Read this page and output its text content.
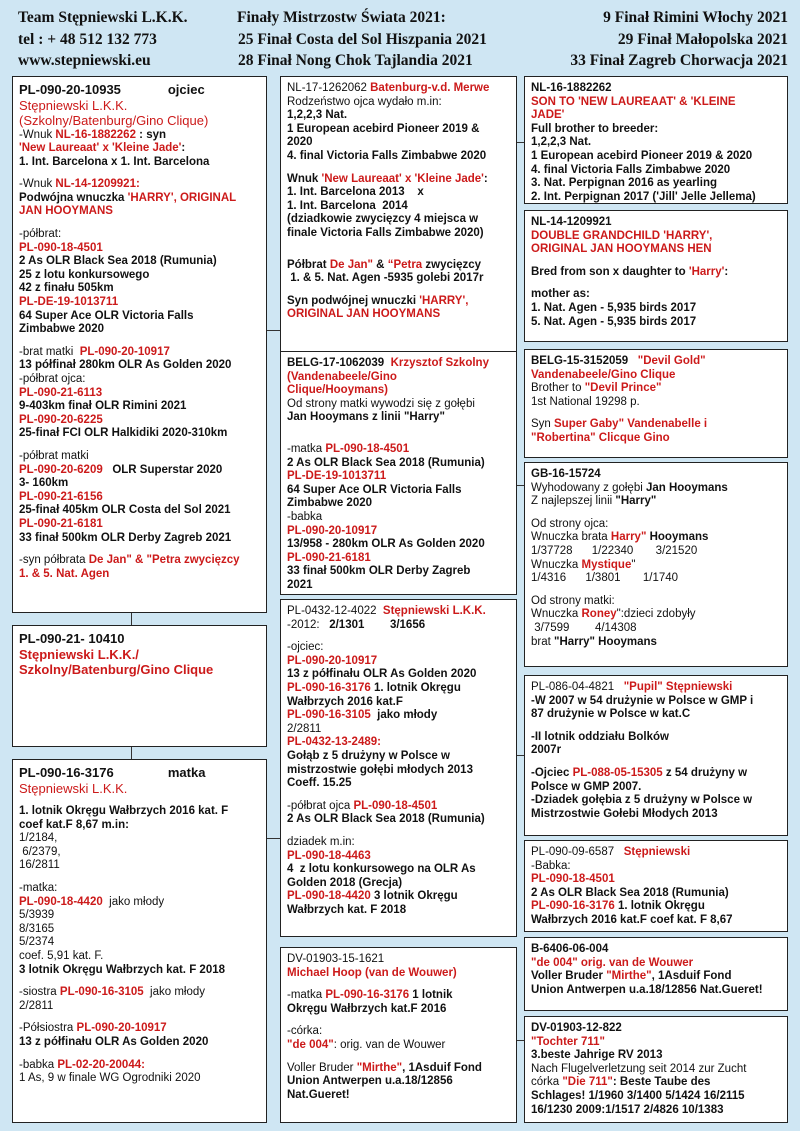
Team Stępniewski L.K.K.
tel : + 48 512 132 773
www.stepniewski.eu
Finały Mistrzostw Świata 2021:
25 Finał Costa del Sol Hiszpania 2021
28 Finał Nong Chok Tajlandia 2021
9 Finał Rimini Włochy 2021
29 Finał Małopolska 2021
33 Finał Zagreb Chorwacja 2021
PL-090-20-10935             ojciec
Stępniewski L.K.K.
(Szkolny/Batenburg/Gino Clique)
-Wnuk NL-16-1882262 : syn
'New Laureaat' x 'Kleine Jade':
1. Int. Barcelona x 1. Int. Barcelona
-Wnuk NL-14-1209921:
Podwójna wnuczka 'HARRY', ORIGINAL
JAN HOOYMANS
-półbrat:
PL-090-18-4501
2 As OLR Black Sea 2018 (Rumunia)
25 z lotu konkursowego
42 z finału 505km
PL-DE-19-1013711
64 Super Ace OLR Victoria Falls
Zimbabwe 2020
-brat matki  PL-090-20-10917
13 półfinał 280km OLR As Golden 2020
-półbrat ojca:
PL-090-21-6113
9-403km finał OLR Rimini 2021
PL-090-20-6225
25-finał FCI OLR Halkidiki 2020-310km
-półbrat matki
PL-090-20-6209   OLR Superstar 2020
3- 160km
PL-090-21-6156
25-finał 405km OLR Costa del Sol 2021
PL-090-21-6181
33 finał 500km OLR Derby Zagreb 2021
-syn półbrata De Jan" & "Petra zwycięzcy
1. & 5. Nat. Agen
PL-090-21- 10410
Stępniewski L.K.K./
Szkolny/Batenburg/Gino Clique
PL-090-16-3176               matka
Stępniewski L.K.K.
1. lotnik Okręgu Wałbrzych 2016 kat. F
coef kat.F 8,67 m.in:
1/2184,
6/2379,
16/2811
-matka:
PL-090-18-4420  jako młody
5/3939
8/3165
5/2374
coef. 5,91 kat. F.
3 lotnik Okręgu Wałbrzych kat. F 2018
-siostra PL-090-16-3105  jako młody
2/2811
-Półsiostra PL-090-20-10917
13 z półfinału OLR As Golden 2020
-babka PL-02-20-20044:
1 As, 9 w finale WG Ogrodniki 2020
NL-17-1262062 Batenburg-v.d. Merwe
Rodzeństwo ojca wydało m.in:
1,2,2,3 Nat.
1 European acebird Pioneer 2019 &
2020
4. final Victoria Falls Zimbabwe 2020
Wnuk 'New Laureaat' x 'Kleine Jade':
1. Int. Barcelona 2013    x
1. Int. Barcelona  2014
(dziadkowie zwycięzcy 4 miejsca w
finale Victoria Falls Zimbabwe 2020)
Półbrat De Jan" & “Petra zwycięzcy
1. & 5. Nat. Agen -5935 golebi 2017r
Syn podwójnej wnuczki 'HARRY',
ORIGINAL JAN HOOYMANS
BELG-17-1062039  Krzysztof Szkolny
(Vandenabeele/Gino
Clique/Hooymans)
Od strony matki wywodzi się z gołębi
Jan Hooymans z linii "Harry"
-matka PL-090-18-4501
2 As OLR Black Sea 2018 (Rumunia)
PL-DE-19-1013711
64 Super Ace OLR Victoria Falls
Zimbabwe 2020
-babka
PL-090-20-10917
13/958 - 280km OLR As Golden 2020
PL-090-21-6181
33 finał 500km OLR Derby Zagreb
2021
PL-0432-12-4022  Stępniewski L.K.K.
-2012:   2/1301        3/1656
-ojciec:
PL-090-20-10917
13 z półfinału OLR As Golden 2020
PL-090-16-3176 1. lotnik Okręgu
Wałbrzych 2016 kat.F
PL-090-16-3105  jako młody
2/2811
PL-0432-13-2489:
Gołąb z 5 drużyny w Polsce w
mistrzostwie gołębi młodych 2013
Coeff. 15.25
-półbrat ojca PL-090-18-4501
2 As OLR Black Sea 2018 (Rumunia)
dziadek m.in:
PL-090-18-4463
4  z lotu konkursowego na OLR As
Golden 2018 (Grecja)
PL-090-18-4420 3 lotnik Okręgu
Wałbrzych kat. F 2018
DV-01903-15-1621
Michael Hoop (van de Wouwer)
-matka PL-090-16-3176 1 lotnik
Okręgu Wałbrzych kat.F 2016
-córka:
"de 004": orig. van de Wouwer
Voller Bruder "Mirthe", 1Asduif Fond
Union Antwerpen u.a.18/12856
Nat.Gueret!
NL-16-1882262
SON TO 'NEW LAUREAAT' & 'KLEINE
JADE'
Full brother to breeder:
1,2,2,3 Nat.
1 European acebird Pioneer 2019 & 2020
4. final Victoria Falls Zimbabwe 2020
3. Nat. Perpignan 2016 as yearling
2. Int. Perpignan 2017 ('Jill' Jelle Jellema)
NL-14-1209921
DOUBLE GRANDCHILD 'HARRY',
ORIGINAL JAN HOOYMANS HEN
Bred from son x daughter to 'Harry':
mother as:
1. Nat. Agen - 5,935 birds 2017
5. Nat. Agen - 5,935 birds 2017
BELG-15-3152059   "Devil Gold"
Vandenabeele/Gino Clique
Brother to "Devil Prince"
1st National 19298 p.
Syn Super Gaby" Vandenabelle i
"Robertina" Clicque Gino
GB-16-15724
Wyhodowany z gołębi Jan Hooymans
Z najlepszej linii "Harry"
Od strony ojca:
Wnuczka brata Harry" Hooymans
1/37728      1/22340       3/21520
Wnuczka Mystique"
1/4316      1/3801       1/1740
Od strony matki:
Wnuczka Roney":dzieci zdobyły
3/7599        4/14308
brat "Harry" Hooymans
PL-086-04-4821   "Pupil" Stępniewski
-W 2007 w 54 drużynie w Polsce w GMP i
87 drużynie w Polsce w kat.C
-II lotnik oddziału Bolków
2007r
-Ojciec PL-088-05-15305 z 54 drużyny w
Polsce w GMP 2007.
-Dziadek gołębia z 5 drużyny w Polsce w
Mistrzostwie Gołebi Młodych 2013
PL-090-09-6587   Stępniewski
-Babka:
PL-090-18-4501
2 As OLR Black Sea 2018 (Rumunia)
PL-090-16-3176 1. lotnik Okręgu
Wałbrzych 2016 kat.F coef kat. F 8,67
B-6406-06-004
"de 004" orig. van de Wouwer
Voller Bruder "Mirthe", 1Asduif Fond
Union Antwerpen u.a.18/12856 Nat.Gueret!
DV-01903-12-822
"Tochter 711"
3.beste Jahrige RV 2013
Nach Flugelverletzung seit 2014 zur Zucht
córka "Die 711": Beste Taube des
Schlages! 1/1960 3/1400 5/1424 16/2115
16/1230 2009:1/1517 2/4826 10/1383
